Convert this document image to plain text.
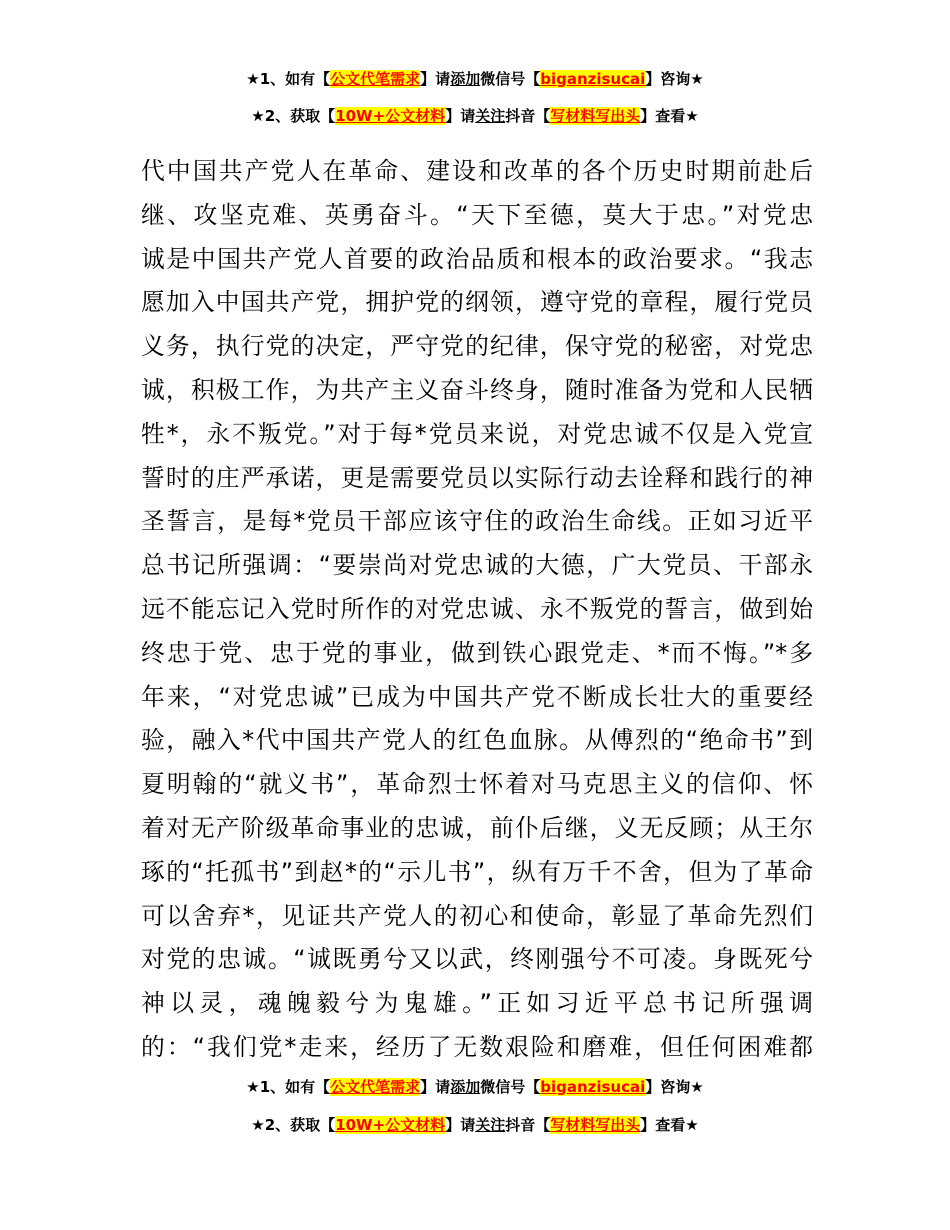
★1、如有【公文代笔需求】请添加微信号【biganzisucai】咨询★
★2、获取【10W+公文材料】请关注抖音【写材料写出头】查看★
代中国共产党人在革命、建设和改革的各个历史时期前赴后
继、攻坚克难、英勇奋斗。“天下至德，莫大于忠。”对党忠
诚是中国共产党人首要的政治品质和根本的政治要求。“我志
愿加入中国共产党，拥护党的纲领，遵守党的章程，履行党员
义务，执行党的决定，严守党的纪律，保守党的秘密，对党忠
诚，积极工作，为共产主义奋斗终身，随时准备为党和人民牺
牲*，永不叛党。”对于每*党员来说，对党忠诚不仅是入党宣
誓时的庄严承诺，更是需要党员以实际行动去诠释和践行的神
圣誓言，是每*党员干部应该守住的政治生命线。正如习近平
总书记所强调：“要崇尚对党忠诚的大德，广大党员、干部永
远不能忘记入党时所作的对党忠诚、永不叛党的誓言，做到始
终忠于党、忠于党的事业，做到铁心跟党走、*而不悔。”*多
年来，“对党忠诚”已成为中国共产党不断成长壮大的重要经
验，融入*代中国共产党人的红色血脉。从傅烈的“绝命书”到
夏明翰的“就义书”，革命烈士怀着对马克思主义的信仰、怀
着对无产阶级革命事业的忠诚，前仆后继，义无反顾；从王尔
琢的“托孤书”到赵*的“示儿书”，纵有万千不舍，但为了革命
可以舍弃*，见证共产党人的初心和使命，彰显了革命先烈们
对党的忠诚。“诚既勇兮又以武，终刚强兮不可凌。身既死兮
神以灵，魂魄毅兮为鬼雄。”正如习近平总书记所强调
的：“我们党*走来，经历了无数艰险和磨难，但任何困难都
★1、如有【公文代笔需求】请添加微信号【biganzisucai】咨询★
★2、获取【10W+公文材料】请关注抖音【写材料写出头】查看★
